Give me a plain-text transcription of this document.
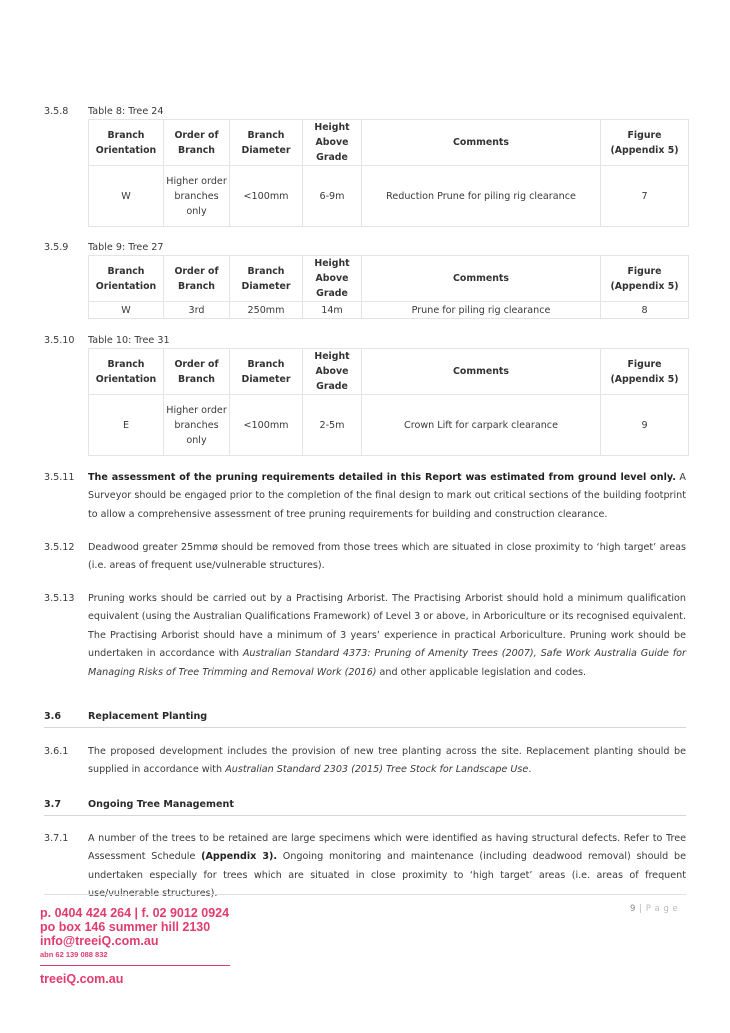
3.5.8	Table 8: Tree 24
Branch Orientation	Order of Branch	Branch Diameter	Height Above Grade	Comments	Figure (Appendix 5)
W	Higher order branches only	<100mm	6-9m	Reduction Prune for piling rig clearance	7
3.5.9	Table 9: Tree 27
Branch Orientation	Order of Branch	Branch Diameter	Height Above Grade	Comments	Figure (Appendix 5)
W	3rd	250mm	14m	Prune for piling rig clearance	8
3.5.10	Table 10: Tree 31
Branch Orientation	Order of Branch	Branch Diameter	Height Above Grade	Comments	Figure (Appendix 5)
E	Higher order branches only	<100mm	2-5m	Crown Lift for carpark clearance	9
3.5.11	The assessment of the pruning requirements detailed in this Report was estimated from ground level only. A Surveyor should be engaged prior to the completion of the final design to mark out critical sections of the building footprint to allow a comprehensive assessment of tree pruning requirements for building and construction clearance.
3.5.12	Deadwood greater 25mmø should be removed from those trees which are situated in close proximity to ‘high target’ areas (i.e. areas of frequent use/vulnerable structures).
3.5.13	Pruning works should be carried out by a Practising Arborist. The Practising Arborist should hold a minimum qualification equivalent (using the Australian Qualifications Framework) of Level 3 or above, in Arboriculture or its recognised equivalent. The Practising Arborist should have a minimum of 3 years’ experience in practical Arboriculture. Pruning work should be undertaken in accordance with Australian Standard 4373: Pruning of Amenity Trees (2007), Safe Work Australia Guide for Managing Risks of Tree Trimming and Removal Work (2016) and other applicable legislation and codes.
3.6	Replacement Planting
3.6.1	The proposed development includes the provision of new tree planting across the site. Replacement planting should be supplied in accordance with Australian Standard 2303 (2015) Tree Stock for Landscape Use.
3.7	Ongoing Tree Management
3.7.1	A number of the trees to be retained are large specimens which were identified as having structural defects. Refer to Tree Assessment Schedule (Appendix 3). Ongoing monitoring and maintenance (including deadwood removal) should be undertaken especially for trees which are situated in close proximity to ‘high target’ areas (i.e. areas of frequent use/vulnerable structures).
9 | P a g e
p. 0404 424 264 | f. 02 9012 0924
po box 146 summer hill 2130
info@treeiQ.com.au
abn 62 139 088 832
treeiQ.com.au
